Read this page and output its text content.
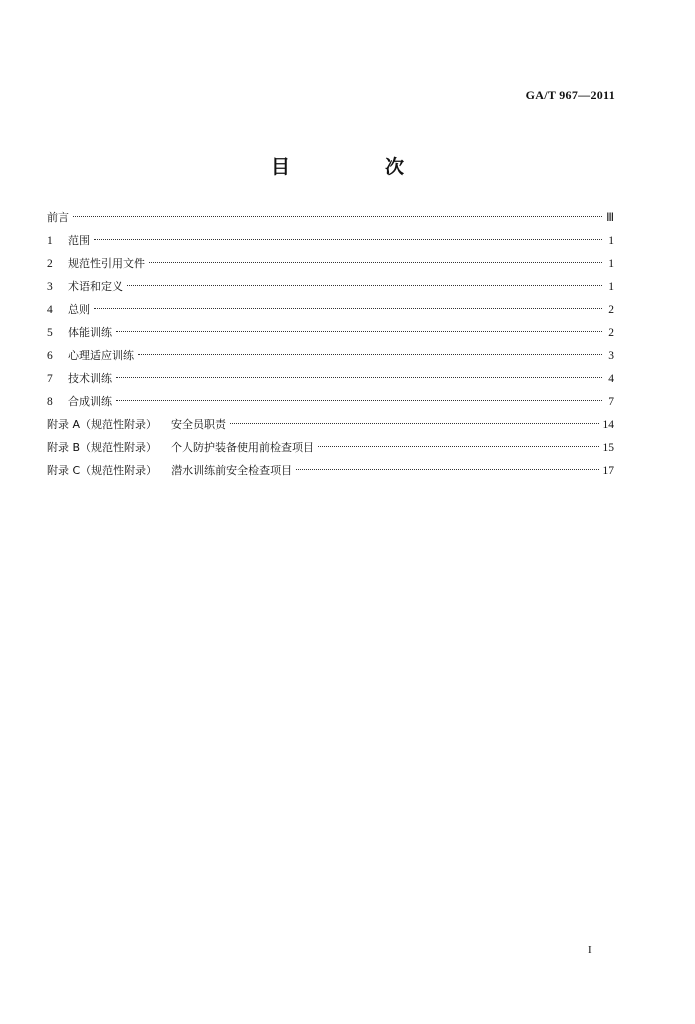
GA/T 967—2011
目　次
前言	Ⅲ
1	范围	1
2	规范性引用文件	1
3	术语和定义	1
4	总则	2
5	体能训练	2
6	心理适应训练	3
7	技术训练	4
8	合成训练	7
附录 A（规范性附录） 安全员职责	14
附录 B（规范性附录） 个人防护装备使用前检查项目	15
附录 C（规范性附录） 潜水训练前安全检查项目	17
I
